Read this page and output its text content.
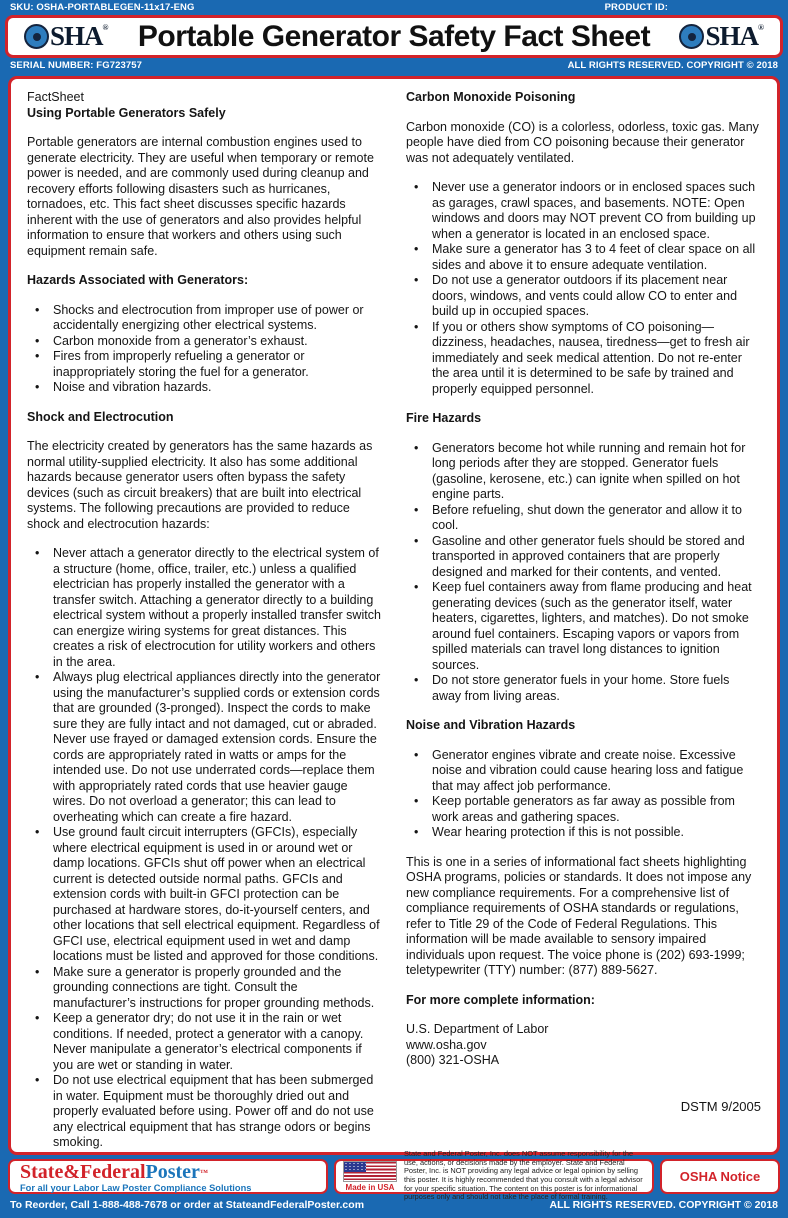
SKU: OSHA-PORTABLEGEN-11x17-ENG	PRODUCT ID:
SHA ® Portable Generator Safety Fact Sheet	SHA ®
SERIAL NUMBER: FG723757	ALL RIGHTS RESERVED. COPYRIGHT © 2018
FactSheet
Using Portable Generators Safely
Portable generators are internal combustion engines used to generate electricity. They are useful when temporary or remote power is needed, and are commonly used during cleanup and recovery efforts following disasters such as hurricanes, tornadoes, etc. This fact sheet discusses specific hazards inherent with the use of generators and also provides helpful information to ensure that workers and others using such equipment remain safe.
Hazards Associated with Generators:
• Shocks and electrocution from improper use of power or accidentally energizing other electrical systems.
• Carbon monoxide from a generator’s exhaust.
• Fires from improperly refueling a generator or inappropriately storing the fuel for a generator.
• Noise and vibration hazards.
Shock and Electrocution
The electricity created by generators has the same hazards as normal utility-supplied electricity. It also has some additional hazards because generator users often bypass the safety devices (such as circuit breakers) that are built into electrical systems. The following precautions are provided to reduce shock and electrocution hazards:
• Never attach a generator directly to the electrical system of a structure (home, office, trailer, etc.) unless a qualified electrician has properly installed the generator with a transfer switch. Attaching a generator directly to a building electrical system without a properly installed transfer switch can energize wiring systems for great distances. This creates a risk of electrocution for utility workers and others in the area.
• Always plug electrical appliances directly into the generator using the manufacturer’s supplied cords or extension cords that are grounded (3-pronged). Inspect the cords to make sure they are fully intact and not damaged, cut or abraded. Never use frayed or damaged extension cords. Ensure the cords are appropriately rated in watts or amps for the intended use. Do not use underrated cords—replace them with appropriately rated cords that use heavier gauge wires. Do not overload a generator; this can lead to overheating which can create a fire hazard.
• Use ground fault circuit interrupters (GFCIs), especially where electrical equipment is used in or around wet or damp locations. GFCIs shut off power when an electrical current is detected outside normal paths. GFCIs and extension cords with built-in GFCI protection can be purchased at hardware stores, do-it-yourself centers, and other locations that sell electrical equipment. Regardless of GFCI use, electrical equipment used in wet and damp locations must be listed and approved for those conditions.
• Make sure a generator is properly grounded and the grounding connections are tight. Consult the manufacturer’s instructions for proper grounding methods.
• Keep a generator dry; do not use it in the rain or wet conditions. If needed, protect a generator with a canopy. Never manipulate a generator’s electrical components if you are wet or standing in water.
• Do not use electrical equipment that has been submerged in water. Equipment must be thoroughly dried out and properly evaluated before using. Power off and do not use any electrical equipment that has strange odors or begins smoking.
Carbon Monoxide Poisoning
Carbon monoxide (CO) is a colorless, odorless, toxic gas. Many people have died from CO poisoning because their generator was not adequately ventilated.
• Never use a generator indoors or in enclosed spaces such as garages, crawl spaces, and basements. NOTE: Open windows and doors may NOT prevent CO from building up when a generator is located in an enclosed space.
• Make sure a generator has 3 to 4 feet of clear space on all sides and above it to ensure adequate ventilation.
• Do not use a generator outdoors if its placement near doors, windows, and vents could allow CO to enter and build up in occupied spaces.
• If you or others show symptoms of CO poisoning—dizziness, headaches, nausea, tiredness—get to fresh air immediately and seek medical attention. Do not re-enter the area until it is determined to be safe by trained and properly equipped personnel.
Fire Hazards
• Generators become hot while running and remain hot for long periods after they are stopped. Generator fuels (gasoline, kerosene, etc.) can ignite when spilled on hot engine parts.
• Before refueling, shut down the generator and allow it to cool.
• Gasoline and other generator fuels should be stored and transported in approved containers that are properly designed and marked for their contents, and vented.
• Keep fuel containers away from flame producing and heat generating devices (such as the generator itself, water heaters, cigarettes, lighters, and matches). Do not smoke around fuel containers. Escaping vapors or vapors from spilled materials can travel long distances to ignition sources.
• Do not store generator fuels in your home. Store fuels away from living areas.
Noise and Vibration Hazards
• Generator engines vibrate and create noise. Excessive noise and vibration could cause hearing loss and fatigue that may affect job performance.
• Keep portable generators as far away as possible from work areas and gathering spaces.
• Wear hearing protection if this is not possible.
This is one in a series of informational fact sheets highlighting OSHA programs, policies or standards. It does not impose any new compliance requirements. For a comprehensive list of compliance requirements of OSHA standards or regulations, refer to Title 29 of the Code of Federal Regulations. This information will be made available to sensory impaired individuals upon request. The voice phone is (202) 693-1999; teletypewriter (TTY) number: (877) 889-5627.
For more complete information:
U.S. Department of Labor
www.osha.gov
(800) 321-OSHA
DSTM 9/2005
State&FederalPoster™
For all your Labor Law Poster Compliance Solutions	Made in USA
State and Federal Poster, Inc. does NOT assume responsibility for the use, actions, or decisions made by the employer. State and Federal Poster, Inc. is NOT providing any legal advice or legal opinion by selling this poster. It is highly recommended that you consult with a legal advisor for your specific situation. The content on this poster is for informational purposes only and should not take the place of formal training.
OSHA Notice
To Reorder, Call 1-888-488-7678 or order at StateandFederalPoster.com	ALL RIGHTS RESERVED. COPYRIGHT © 2018
